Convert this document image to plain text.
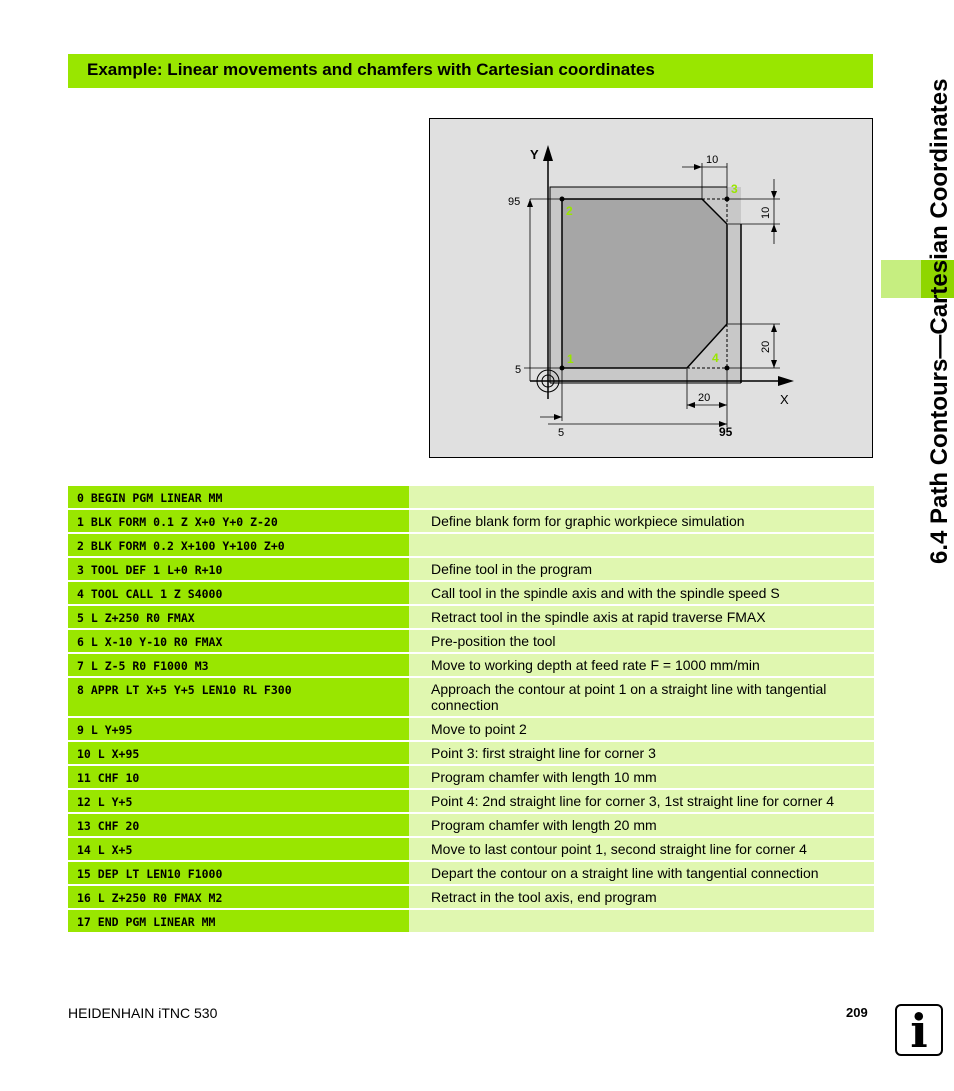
Example: Linear movements and chamfers with Cartesian coordinates
6.4 Path Contours—Cartesian Coordinates
Y
X
2
3
4
1
95
5
5	95
20
10
10
20
0 BEGIN PGM LINEAR MM
1 BLK FORM 0.1 Z X+0 Y+0 Z-20	Define blank form for graphic workpiece simulation
2 BLK FORM 0.2 X+100 Y+100 Z+0
3 TOOL DEF 1 L+0 R+10	Define tool in the program
4 TOOL CALL 1 Z S4000	Call tool in the spindle axis and with the spindle speed S
5 L Z+250 R0 FMAX	Retract tool in the spindle axis at rapid traverse FMAX
6 L X-10 Y-10 R0 FMAX	Pre-position the tool
7 L Z-5 R0 F1000 M3	Move to working depth at feed rate F = 1000 mm/min
8 APPR LT X+5 Y+5 LEN10 RL F300	Approach the contour at point 1 on a straight line with tangential connection
9 L Y+95	Move to point 2
10 L X+95	Point 3: first straight line for corner 3
11 CHF 10	Program chamfer with length 10 mm
12 L Y+5	Point 4: 2nd straight line for corner 3, 1st straight line for corner 4
13 CHF 20	Program chamfer with length 20 mm
14 L X+5	Move to last contour point 1, second straight line for corner 4
15 DEP LT LEN10 F1000	Depart the contour on a straight line with tangential connection
16 L Z+250 R0 FMAX M2	Retract in the tool axis, end program
17 END PGM LINEAR MM
HEIDENHAIN iTNC 530	209 i
